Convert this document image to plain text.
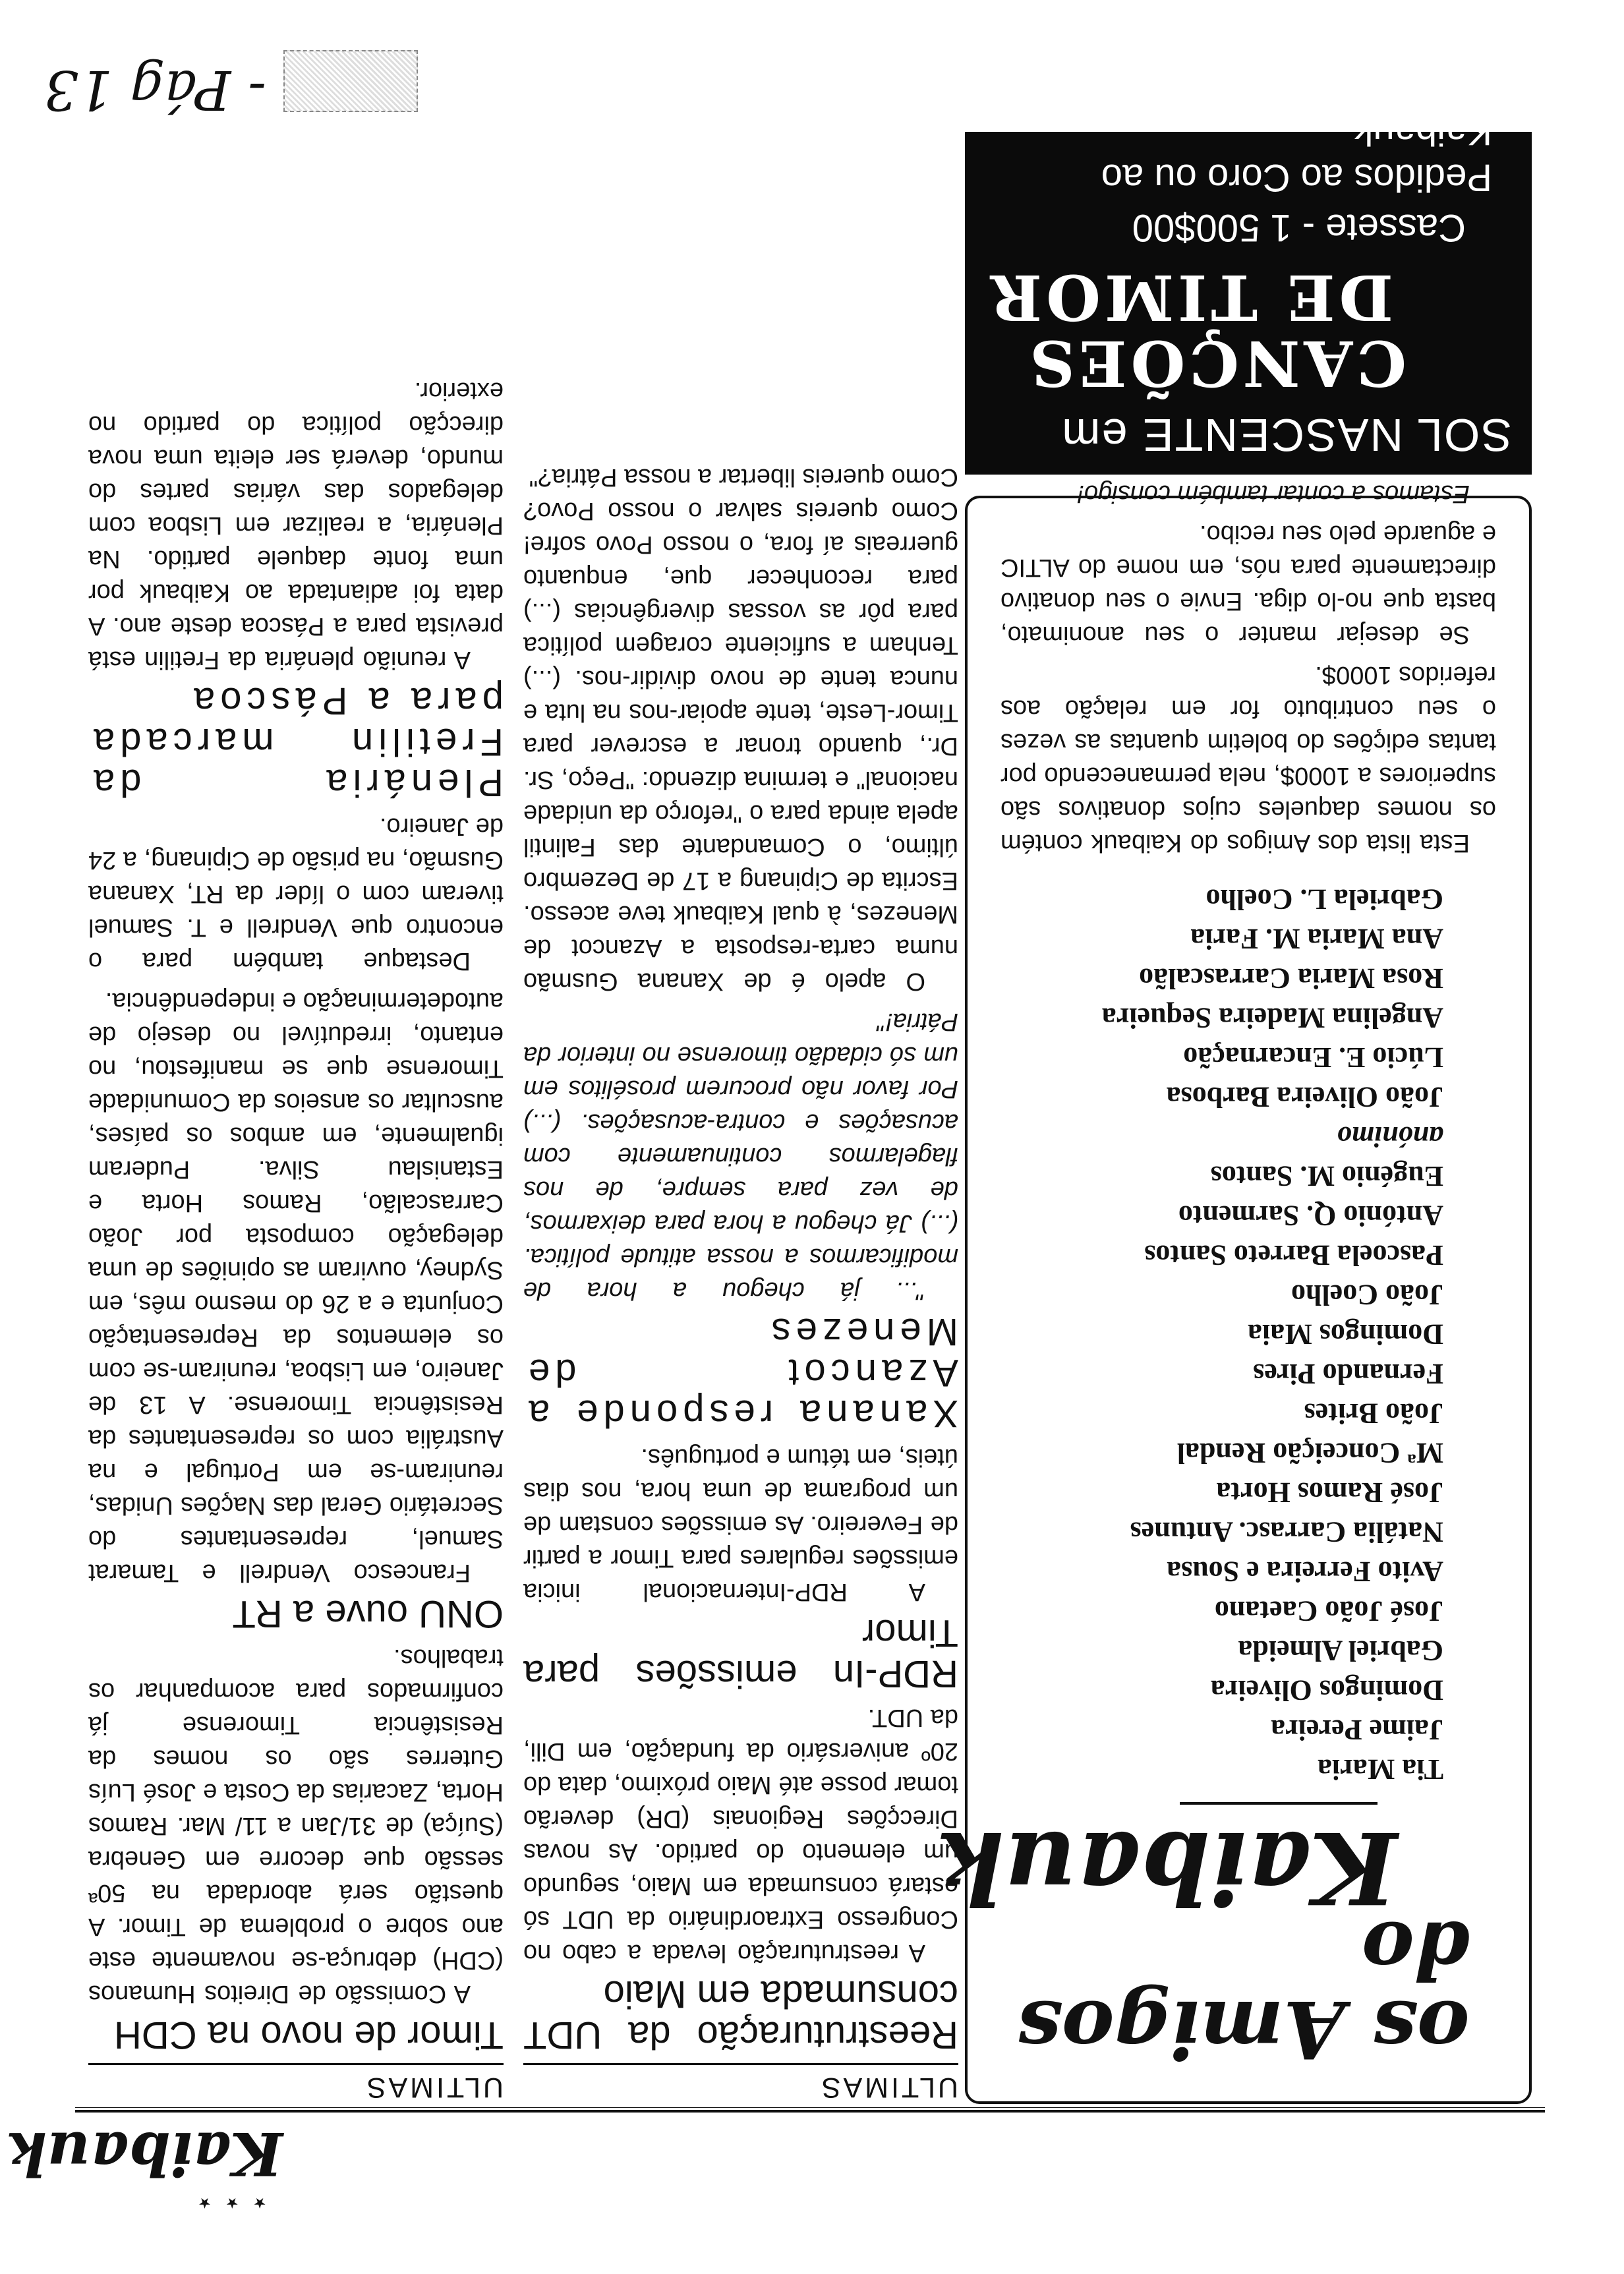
★ ★ ★
Kaibauk
ULTIMAS
Timor de novo na CDH

A Comissão de Direitos Humanos (CDH) debruça-se novamente este ano sobre o problema de Timor. A questão será abordada na 50ª sessão que decorre em Genebra (Suíça) de 31/Jan a 11/ Mar. Ramos Horta, Zacarias da Costa e José Luís Guterres são os nomes da Resistência Timorense já confirmados para acompanhar os trabalhos.

ONU ouve a RT

Francesco Vendrell e Tamarat Samuel, representantes do Secretário Geral das Nações Unidas, reuniram-se em Portugal e na Austrália com os representantes da Resistência Timorense. A 13 de Janeiro, em Lisboa, reuniram-se com os elementos da Representação Conjunta e a 26 do mesmo mês, em Sydney, ouviram as opiniões de uma delegação composta por João Carrascalão, Ramos Horta e Estanislau Silva. Puderam igualmente, em ambos os países, auscultar os anseios da Comunidade Timorense que se manifestou, no entanto, irredutível no desejo de autodeterminação e independência.

Destaque também para o encontro que Vendrell e T. Samuel tiveram com o líder da RT, Xanana Gusmão, na prisão de Cipinang, a 24 de Janeiro.

Plenária da Fretilin marcada para a Páscoa

A reunião plenária da Fretilin está prevista para a Páscoa deste ano. A data foi adiantada ao Kaibauk por uma fonte daquele partido. Na Plenária, a realizar em Lisboa com delegados das várias partes do mundo, deverá ser eleita uma nova direcção política do partido no exterior.

ULTIMAS
Reestruturação da UDT consumada em Maio

A reestruturação levada a cabo no Congresso Extraordinário da UDT só estará consumada em Maio, segundo um elemento do partido. As novas Direcções Regionais (DR) deverão tomar posse até Maio próximo, data do 20º aniversário da fundação, em Dili, da UDT.

RDP-In emissões para Timor

A RDP-Internacional inicia emissões regulares para Timor a partir de Fevereiro. As emissões constam de um programa de uma hora, nos dias úteis, em tétum e português.

Xanana responde a Azancot de Menezes

"... já chegou a hora de modificarmos a nossa atitude política. (...) Já chegou a hora para deixarmos, de vez para sempre, de nos flagelarmos continuamente com acusações e contra-acusações. (...) Por favor não procurem prosélitos em um só cidadão timorense no interior da Pátria!"

O apelo é de Xanana Gusmão numa carta-resposta a Azancot de Menezes, à qual Kaibauk teve acesso. Escrita de Cipinang a 17 de Dezembro último, o Comandante das Falintil apela ainda para o "reforço da unidade nacional" e termina dizendo: "Peço, Sr. Dr., quando tronar a escrever para Timor-Leste, tente apoiar-nos na luta e nunca tente de novo dividir-nos. (...) Tenham a suficiente coragem política para pôr as vossas divergências (...) para reconhecer que, enquanto guerreais aí fora, o nosso Povo sofre! Como quereis salvar o nosso Povo? Como quereis libertar a nossa Pátria?"

os Amigos do
Kaibauk
Tia Maria
Jaime Pereira
Domingos Oliveira
Gabriel Almeida
José João Caetano
Avito Ferreira e Sousa
Natália Carrasc. Antunes
José Ramos Horta
Mª Conceição Rendal
João Brites
Fernando Pires
Domingos Maia
João Coelho
Pascoela Barreto Santos
António Q. Sarmento
Eugénio M. Santos
anónimo
João Oliveira Barbosa
Lúcio E. Encarnação
Angelina Madeira Sequeira
Rosa Maria Carrascalão
Ana Maria M. Faria
Gabriela L. Coelho

Esta lista dos Amigos do Kaibauk contém os nomes daqueles cujos donativos são superiores a 1000$, nela permanecendo por tantas edições do boletim quantas as vezes o seu contributo for em relação aos referidos 1000$.

Se desejar manter o seu anonimato, basta que no-lo diga. Envie o seu donativo directamente para nós, em nome do ALTIC e aguarde pelo seu recibo.

Estamos a contar também consigo!

SOL NASCENTE em
CANÇÕES
DE TIMOR
Cassete - 1 500$00
Pedidos ao Coro ou ao Kaibauk
- Pág 13
